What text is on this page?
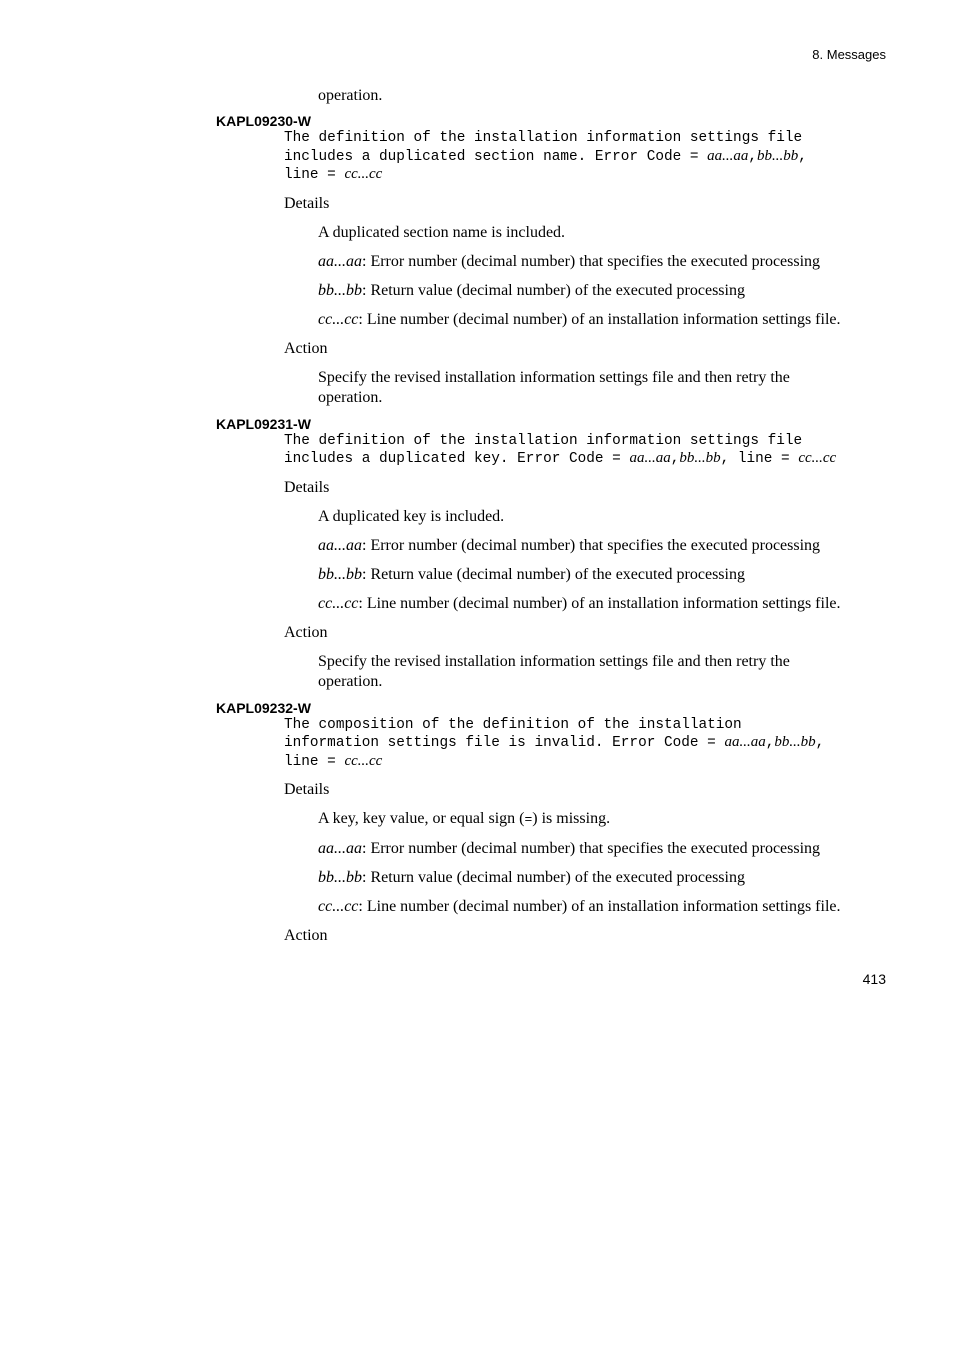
8. Messages
operation.
KAPL09230-W
The definition of the installation information settings file
includes a duplicated section name. Error Code = aa...aa,bb...bb,
line = cc...cc
Details
A duplicated section name is included.
aa...aa: Error number (decimal number) that specifies the executed processing
bb...bb: Return value (decimal number) of the executed processing
cc...cc: Line number (decimal number) of an installation information settings file.
Action
Specify the revised installation information settings file and then retry the operation.
KAPL09231-W
The definition of the installation information settings file
includes a duplicated key. Error Code = aa...aa,bb...bb, line = cc...cc
Details
A duplicated key is included.
aa...aa: Error number (decimal number) that specifies the executed processing
bb...bb: Return value (decimal number) of the executed processing
cc...cc: Line number (decimal number) of an installation information settings file.
Action
Specify the revised installation information settings file and then retry the operation.
KAPL09232-W
The composition of the definition of the installation
information settings file is invalid. Error Code = aa...aa,bb...bb,
line = cc...cc
Details
A key, key value, or equal sign (=) is missing.
aa...aa: Error number (decimal number) that specifies the executed processing
bb...bb: Return value (decimal number) of the executed processing
cc...cc: Line number (decimal number) of an installation information settings file.
Action
413
